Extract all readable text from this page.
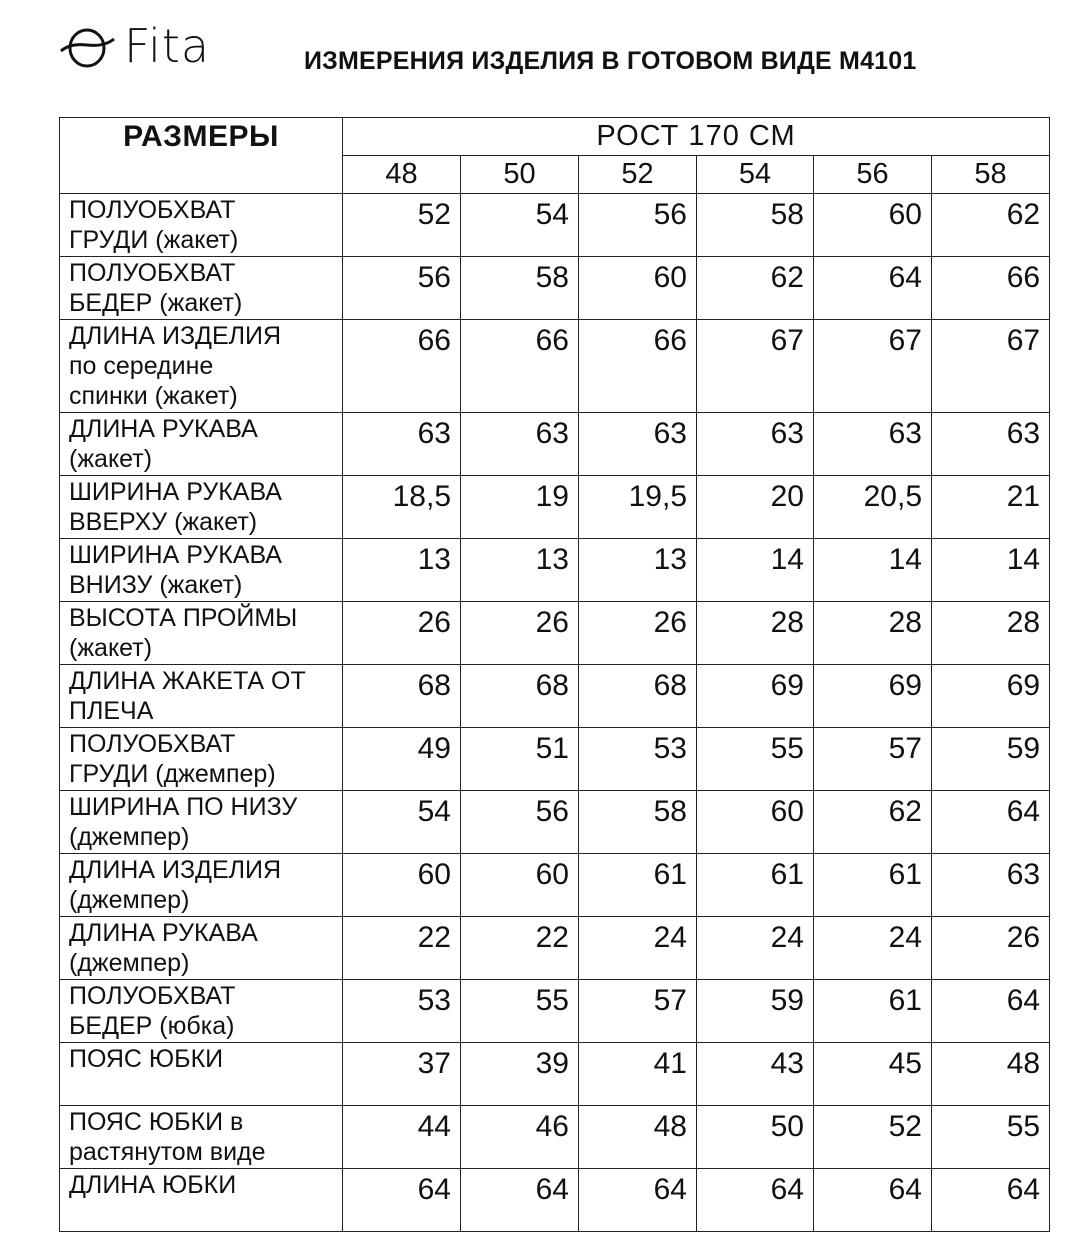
Fita	ИЗМЕРЕНИЯ ИЗДЕЛИЯ В ГОТОВОМ ВИДЕ М4101
РАЗМЕРЫ	РОСТ 170 СМ					
	48	50	52	54	56	58

ПОЛУОБХВАТ
ГРУДИ (жакет)	52	54	56	58	60	62

ПОЛУОБХВАТ
БЕДЕР (жакет)	56	58	60	62	64	66

ДЛИНА ИЗДЕЛИЯ
по середине
спинки (жакет)	66	66	66	67	67	67

ДЛИНА РУКАВА
(жакет)	63	63	63	63	63	63

ШИРИНА РУКАВА
ВВЕРХУ (жакет)	18,5	19	19,5	20	20,5	21

ШИРИНА РУКАВА
ВНИЗУ (жакет)	13	13	13	14	14	14

ВЫСОТА ПРОЙМЫ
(жакет)	26	26	26	28	28	28

ДЛИНА ЖАКЕТА ОТ
ПЛЕЧА	68	68	68	69	69	69

ПОЛУОБХВАТ
ГРУДИ (джемпер)	49	51	53	55	57	59

ШИРИНА ПО НИЗУ
(джемпер)	54	56	58	60	62	64

ДЛИНА ИЗДЕЛИЯ
(джемпер)	60	60	61	61	61	63

ДЛИНА РУКАВА
(джемпер)	22	22	24	24	24	26

ПОЛУОБХВАТ
БЕДЕР (юбка)	53	55	57	59	61	64

ПОЯС ЮБКИ	37	39	41	43	45	48

ПОЯС ЮБКИ в
растянутом виде	44	46	48	50	52	55

ДЛИНА ЮБКИ	64	64	64	64	64	64
